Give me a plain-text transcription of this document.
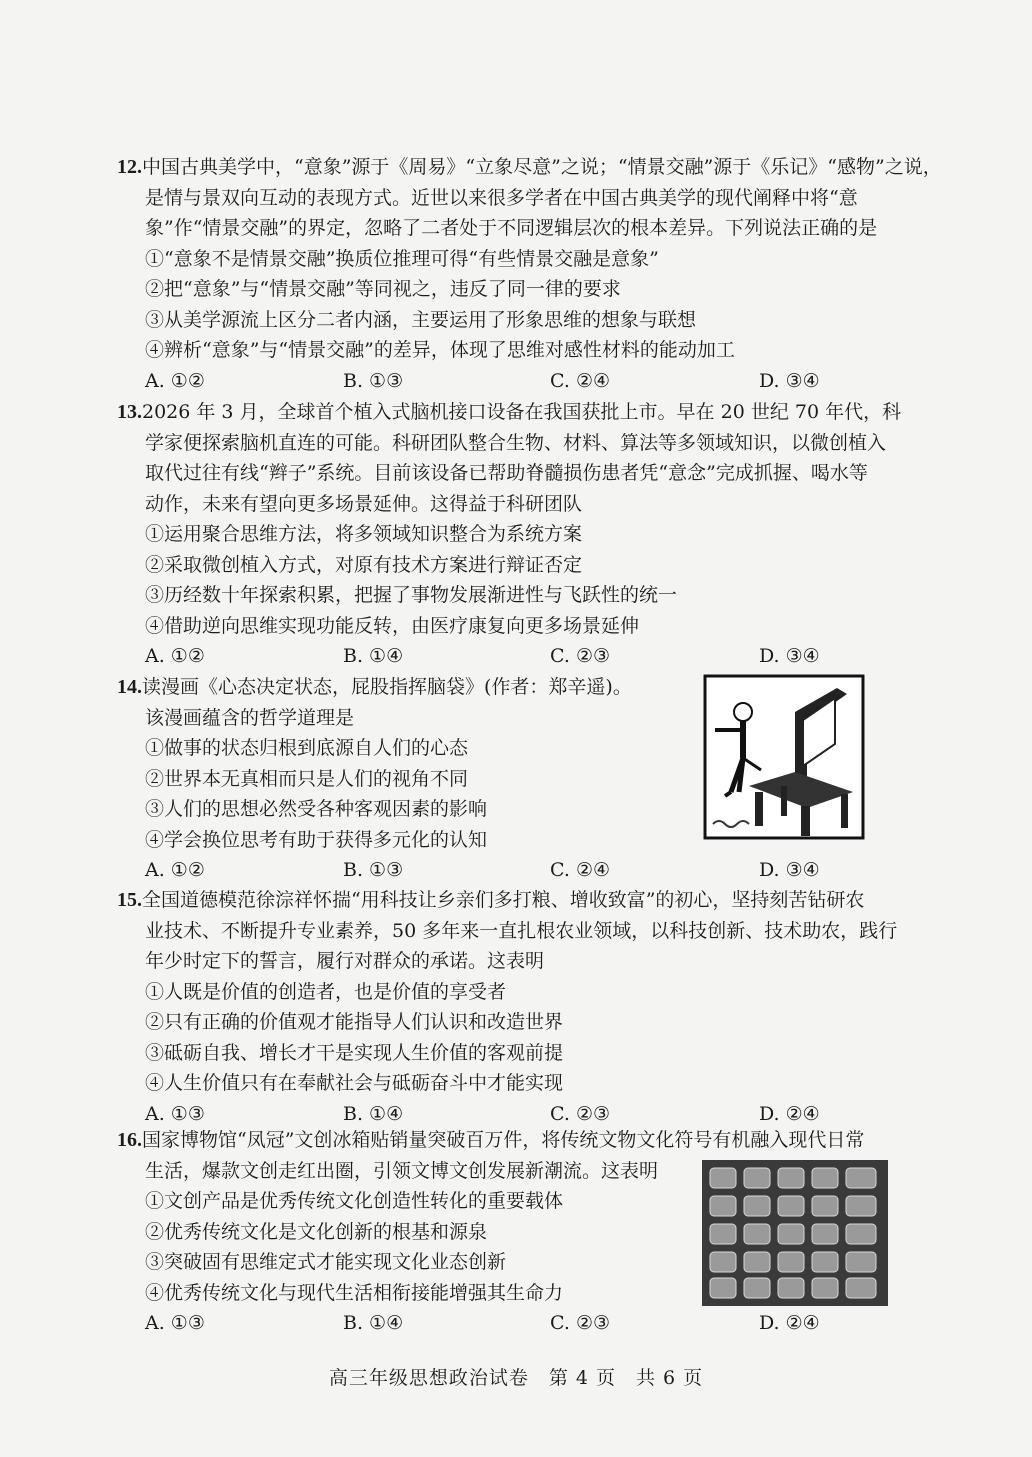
12.中国古典美学中，“意象”源于《周易》“立象尽意”之说；“情景交融”源于《乐记》“感物”之说，
是情与景双向互动的表现方式。近世以来很多学者在中国古典美学的现代阐释中将“意
象”作“情景交融”的界定，忽略了二者处于不同逻辑层次的根本差异。下列说法正确的是
①“意象不是情景交融”换质位推理可得“有些情景交融是意象”
②把“意象”与“情景交融”等同视之，违反了同一律的要求
③从美学源流上区分二者内涵，主要运用了形象思维的想象与联想
④辨析“意象”与“情景交融”的差异，体现了思维对感性材料的能动加工
A. ①②	B. ①③	C. ②④	D. ③④
13.2026 年 3 月，全球首个植入式脑机接口设备在我国获批上市。早在 20 世纪 70 年代，科
学家便探索脑机直连的可能。科研团队整合生物、材料、算法等多领域知识，以微创植入
取代过往有线“辫子”系统。目前该设备已帮助脊髓损伤患者凭“意念”完成抓握、喝水等
动作，未来有望向更多场景延伸。这得益于科研团队
①运用聚合思维方法，将多领域知识整合为系统方案
②采取微创植入方式，对原有技术方案进行辩证否定
③历经数十年探索积累，把握了事物发展渐进性与飞跃性的统一
④借助逆向思维实现功能反转，由医疗康复向更多场景延伸
A. ①②	B. ①④	C. ②③	D. ③④
14.读漫画《心态决定状态，屁股指挥脑袋》(作者：郑辛遥)。
该漫画蕴含的哲学道理是
①做事的状态归根到底源自人们的心态
②世界本无真相而只是人们的视角不同
③人们的思想必然受各种客观因素的影响
④学会换位思考有助于获得多元化的认知
A. ①②	B. ①③	C. ②④	D. ③④
15.全国道德模范徐淙祥怀揣“用科技让乡亲们多打粮、增收致富”的初心，坚持刻苦钻研农
业技术、不断提升专业素养，50 多年来一直扎根农业领域，以科技创新、技术助农，践行
年少时定下的誓言，履行对群众的承诺。这表明
①人既是价值的创造者，也是价值的享受者
②只有正确的价值观才能指导人们认识和改造世界
③砥砺自我、增长才干是实现人生价值的客观前提
④人生价值只有在奉献社会与砥砺奋斗中才能实现
A. ①③	B. ①④	C. ②③	D. ②④
16.国家博物馆“凤冠”文创冰箱贴销量突破百万件，将传统文物文化符号有机融入现代日常
生活，爆款文创走红出圈，引领文博文创发展新潮流。这表明
①文创产品是优秀传统文化创造性转化的重要载体
②优秀传统文化是文化创新的根基和源泉
③突破固有思维定式才能实现文化业态创新
④优秀传统文化与现代生活相衔接能增强其生命力
A. ①③	B. ①④	C. ②③	D. ②④
高三年级思想政治试卷　第 4 页　共 6 页
